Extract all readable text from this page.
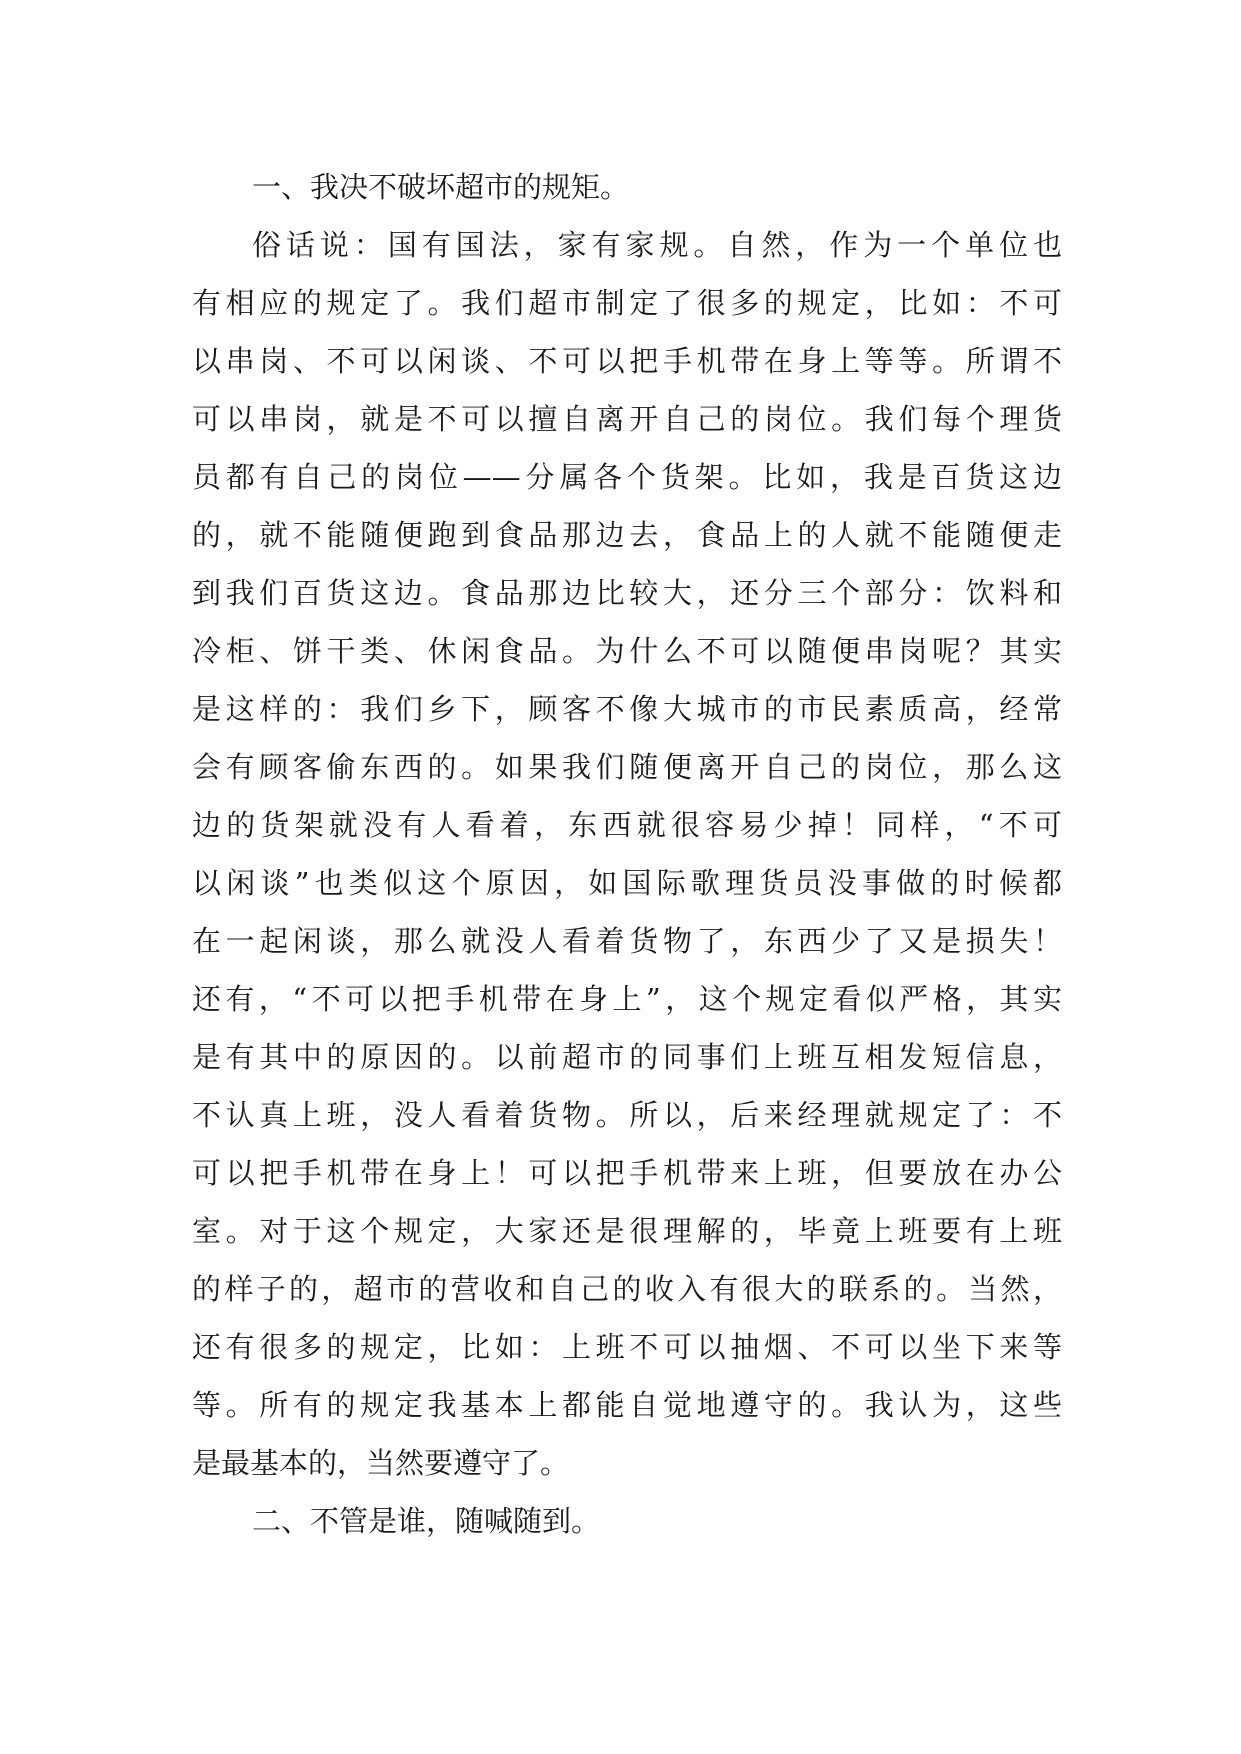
一、我决不破坏超市的规矩。
俗话说：国有国法，家有家规。自然，作为一个单位也
有相应的规定了。我们超市制定了很多的规定，比如：不可
以串岗、不可以闲谈、不可以把手机带在身上等等。所谓不
可以串岗，就是不可以擅自离开自己的岗位。我们每个理货
员都有自己的岗位——分属各个货架。比如，我是百货这边
的，就不能随便跑到食品那边去，食品上的人就不能随便走
到我们百货这边。食品那边比较大，还分三个部分：饮料和
冷柜、饼干类、休闲食品。为什么不可以随便串岗呢？其实
是这样的：我们乡下，顾客不像大城市的市民素质高，经常
会有顾客偷东西的。如果我们随便离开自己的岗位，那么这
边的货架就没有人看着，东西就很容易少掉！同样，“不可
以闲谈”也类似这个原因，如国际歌理货员没事做的时候都
在一起闲谈，那么就没人看着货物了，东西少了又是损失！
还有，“不可以把手机带在身上”，这个规定看似严格，其实
是有其中的原因的。以前超市的同事们上班互相发短信息，
不认真上班，没人看着货物。所以，后来经理就规定了：不
可以把手机带在身上！可以把手机带来上班，但要放在办公
室。对于这个规定，大家还是很理解的，毕竟上班要有上班
的样子的，超市的营收和自己的收入有很大的联系的。当然，
还有很多的规定，比如：上班不可以抽烟、不可以坐下来等
等。所有的规定我基本上都能自觉地遵守的。我认为，这些
是最基本的，当然要遵守了。
二、不管是谁，随喊随到。
